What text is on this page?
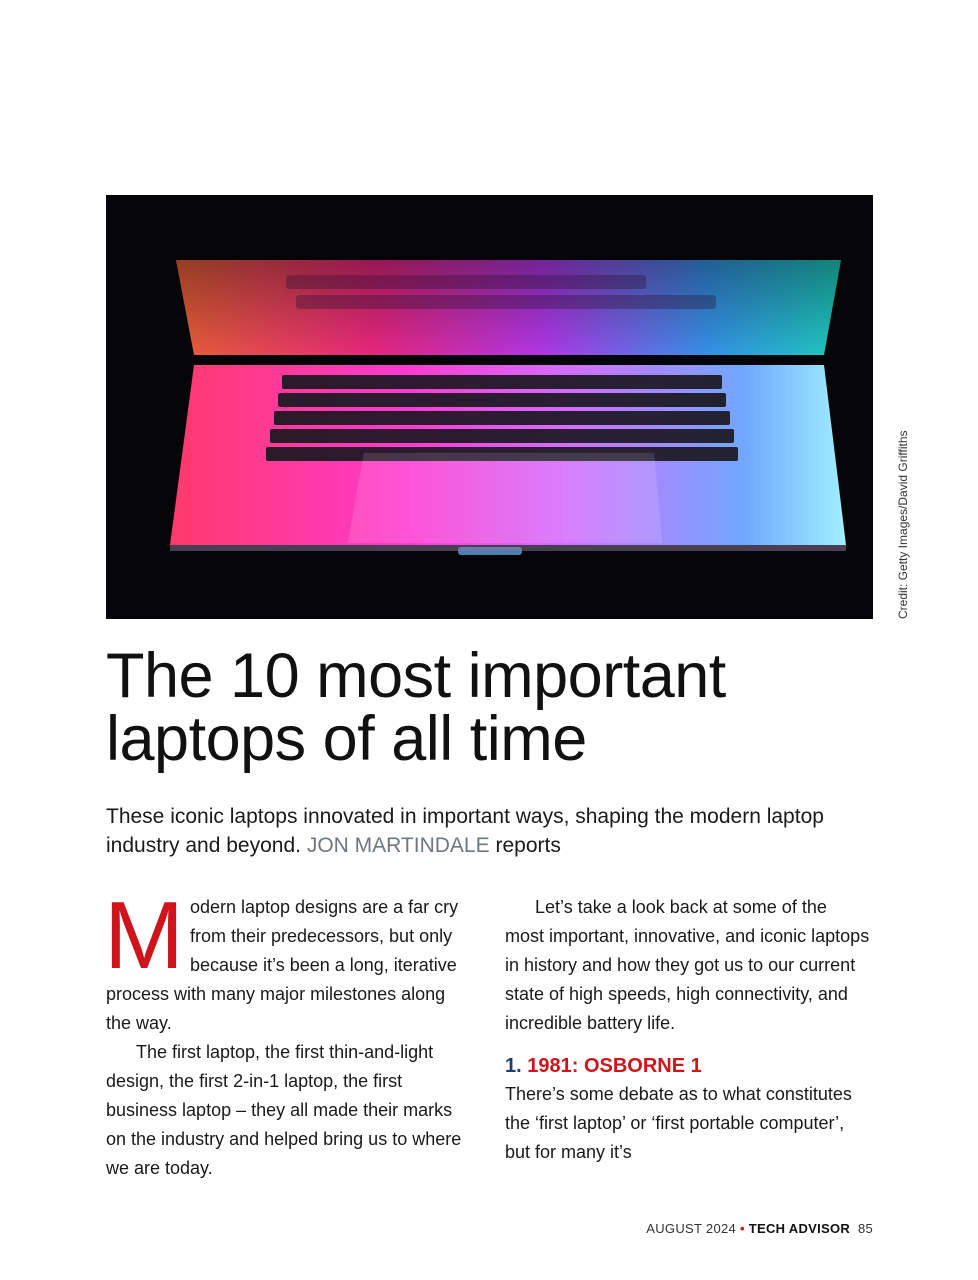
Credit: Getty Images/David Griffiths
The 10 most important laptops of all time

These iconic laptops innovated in important ways, shaping the modern laptop industry and beyond. JON MARTINDALE reports

Modern laptop designs are a far cry from their predecessors, but only because it’s been a long, iterative process with many major milestones along the way.

The first laptop, the first thin-and-light design, the first 2-in-1 laptop, the first business laptop – they all made their marks on the industry and helped bring us to where we are today.

Let’s take a look back at some of the most important, innovative, and iconic laptops in history and how they got us to our current state of high speeds, high connectivity, and incredible battery life.

1. 1981: OSBORNE 1

There’s some debate as to what constitutes the ‘first laptop’ or ‘first portable computer’, but for many it’s

AUGUST 2024 • TECH ADVISOR 85
